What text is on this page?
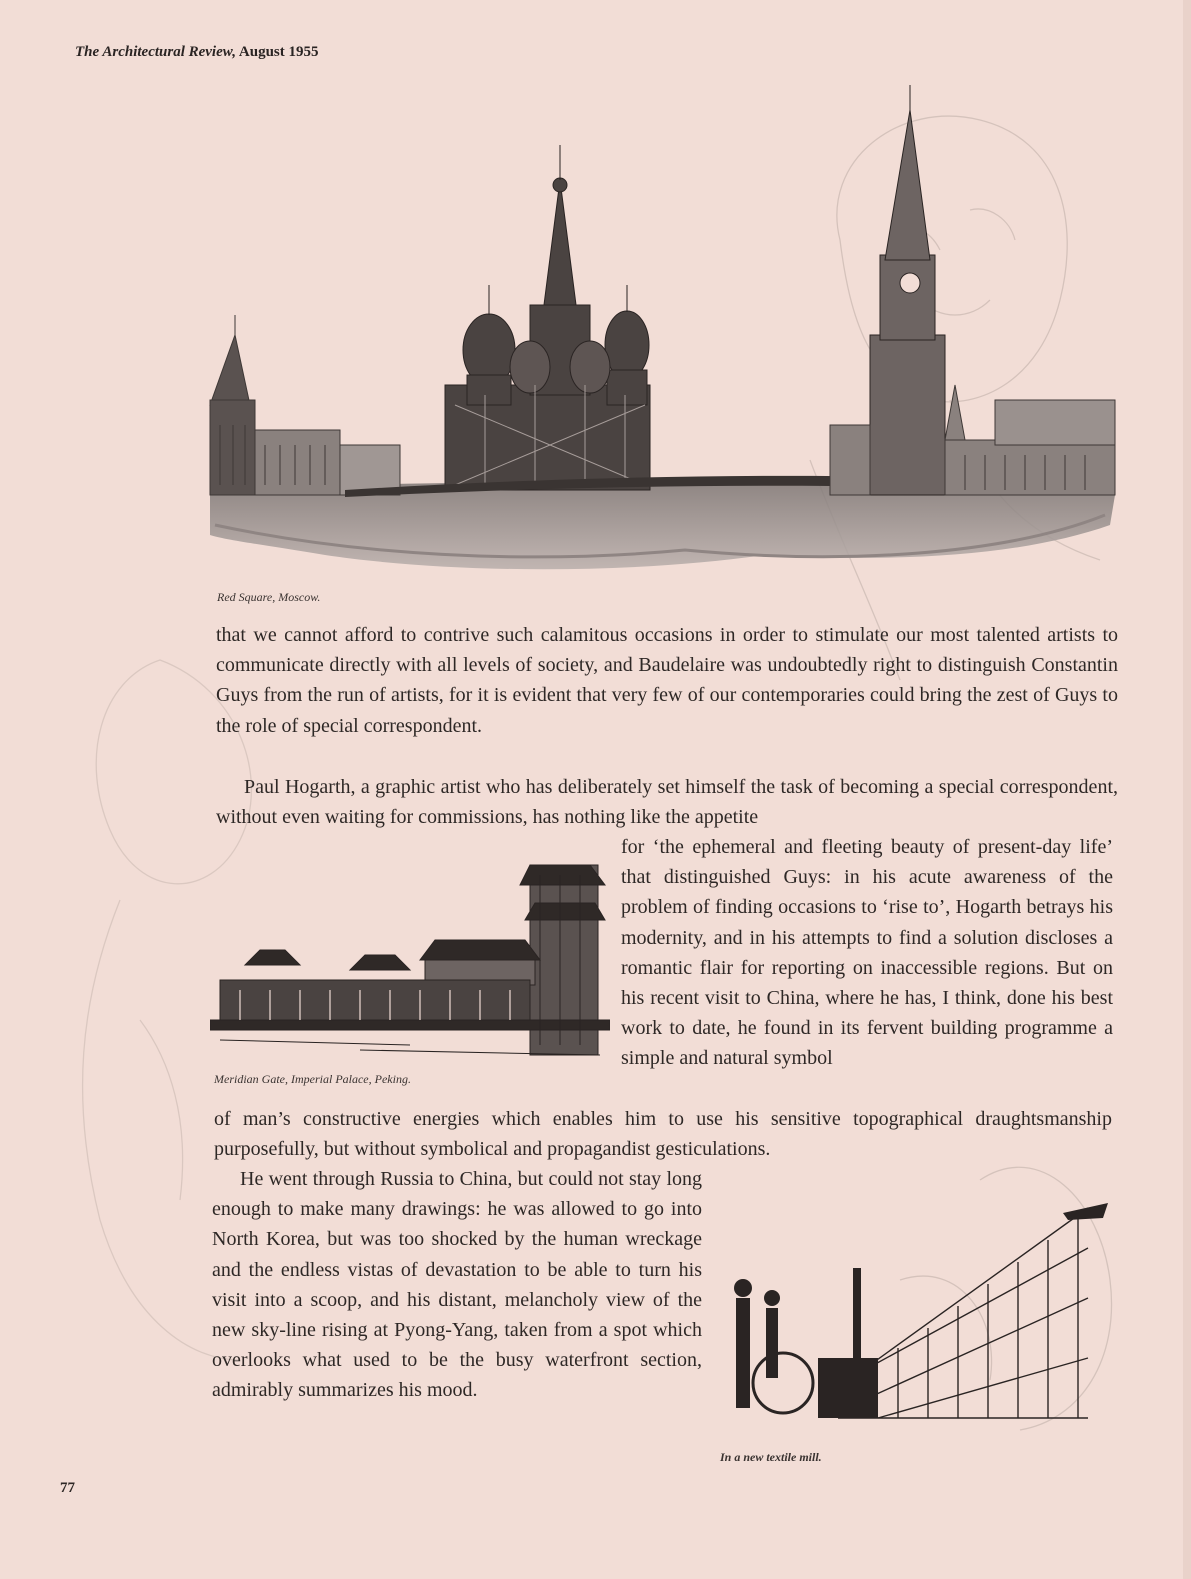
The Architectural Review, August 1955
Red Square, Moscow.

that we cannot afford to contrive such calamitous occasions in order to stimulate our most talented artists to communicate directly with all levels of society, and Baudelaire was undoubtedly right to distinguish Constantin Guys from the run of artists, for it is evident that very few of our contemporaries could bring the zest of Guys to the role of special correspondent.

Paul Hogarth, a graphic artist who has deliberately set himself the task of becoming a special correspondent, without even waiting for commissions, has nothing like the appetite

Meridian Gate, Imperial Palace, Peking.

for ‘the ephemeral and fleeting beauty of present-day life’ that distinguished Guys: in his acute awareness of the problem of finding occasions to ‘rise to’, Hogarth betrays his modernity, and in his attempts to find a solution discloses a romantic flair for reporting on inaccessible regions. But on his recent visit to China, where he has, I think, done his best work to date, he found in its fervent building programme a simple and natural symbol

of man’s constructive energies which enables him to use his sensitive topographical draughtsmanship purposefully, but without symbolical and propagandist gesticulations.

He went through Russia to China, but could not stay long enough to make many drawings: he was allowed to go into North Korea, but was too shocked by the human wreckage and the endless vistas of devastation to be able to turn his visit into a scoop, and his distant, melancholy view of the new sky-line rising at Pyong-Yang, taken from a spot which overlooks what used to be the busy waterfront section, admirably summarizes his mood.

In a new textile mill.
77
